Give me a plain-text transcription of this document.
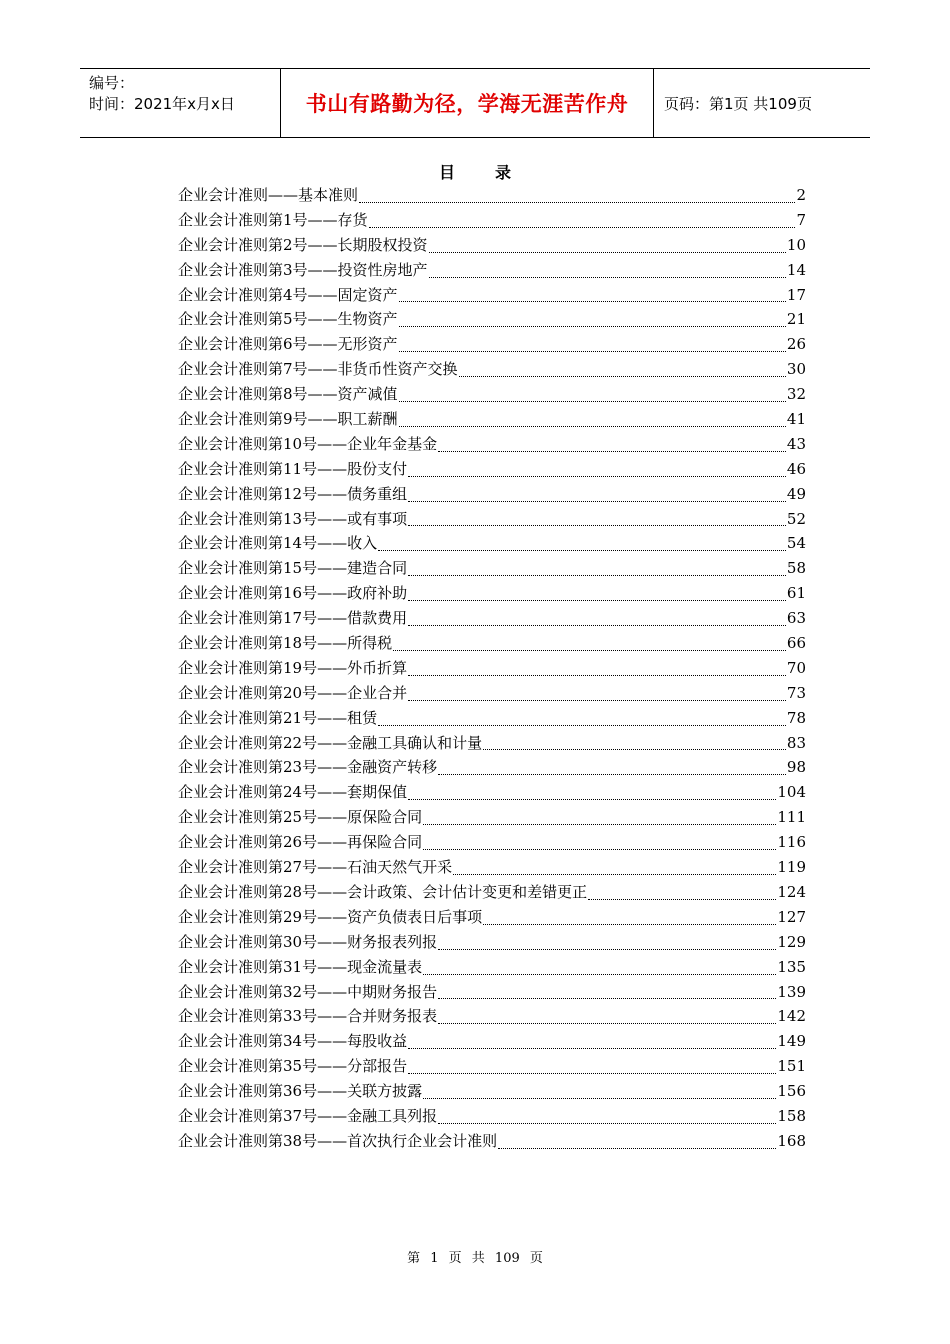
编号：
时间：2021年x月x日	书山有路勤为径，学海无涯苦作舟 页码：第1页 共109页
目录
企业会计准则——基本准则	2
企业会计准则第1号——存货	7
企业会计准则第2号——长期股权投资	10
企业会计准则第3号——投资性房地产	14
企业会计准则第4号——固定资产	17
企业会计准则第5号——生物资产	21
企业会计准则第6号——无形资产	26
企业会计准则第7号——非货币性资产交换	30
企业会计准则第8号——资产减值	32
企业会计准则第9号——职工薪酬	41
企业会计准则第10号——企业年金基金	43
企业会计准则第11号——股份支付	46
企业会计准则第12号——债务重组	49
企业会计准则第13号——或有事项	52
企业会计准则第14号——收入	54
企业会计准则第15号——建造合同	58
企业会计准则第16号——政府补助	61
企业会计准则第17号——借款费用	63
企业会计准则第18号——所得税	66
企业会计准则第19号——外币折算	70
企业会计准则第20号——企业合并	73
企业会计准则第21号——租赁	78
企业会计准则第22号——金融工具确认和计量	83
企业会计准则第23号——金融资产转移	98
企业会计准则第24号——套期保值	104
企业会计准则第25号——原保险合同	111
企业会计准则第26号——再保险合同	116
企业会计准则第27号——石油天然气开采	119
企业会计准则第28号——会计政策、会计估计变更和差错更正	124
企业会计准则第29号——资产负债表日后事项	127
企业会计准则第30号——财务报表列报	129
企业会计准则第31号——现金流量表	135
企业会计准则第32号——中期财务报告	139
企业会计准则第33号——合并财务报表	142
企业会计准则第34号——每股收益	149
企业会计准则第35号——分部报告	151
企业会计准则第36号——关联方披露	156
企业会计准则第37号——金融工具列报	158
企业会计准则第38号——首次执行企业会计准则	168
第 1 页 共 109 页
